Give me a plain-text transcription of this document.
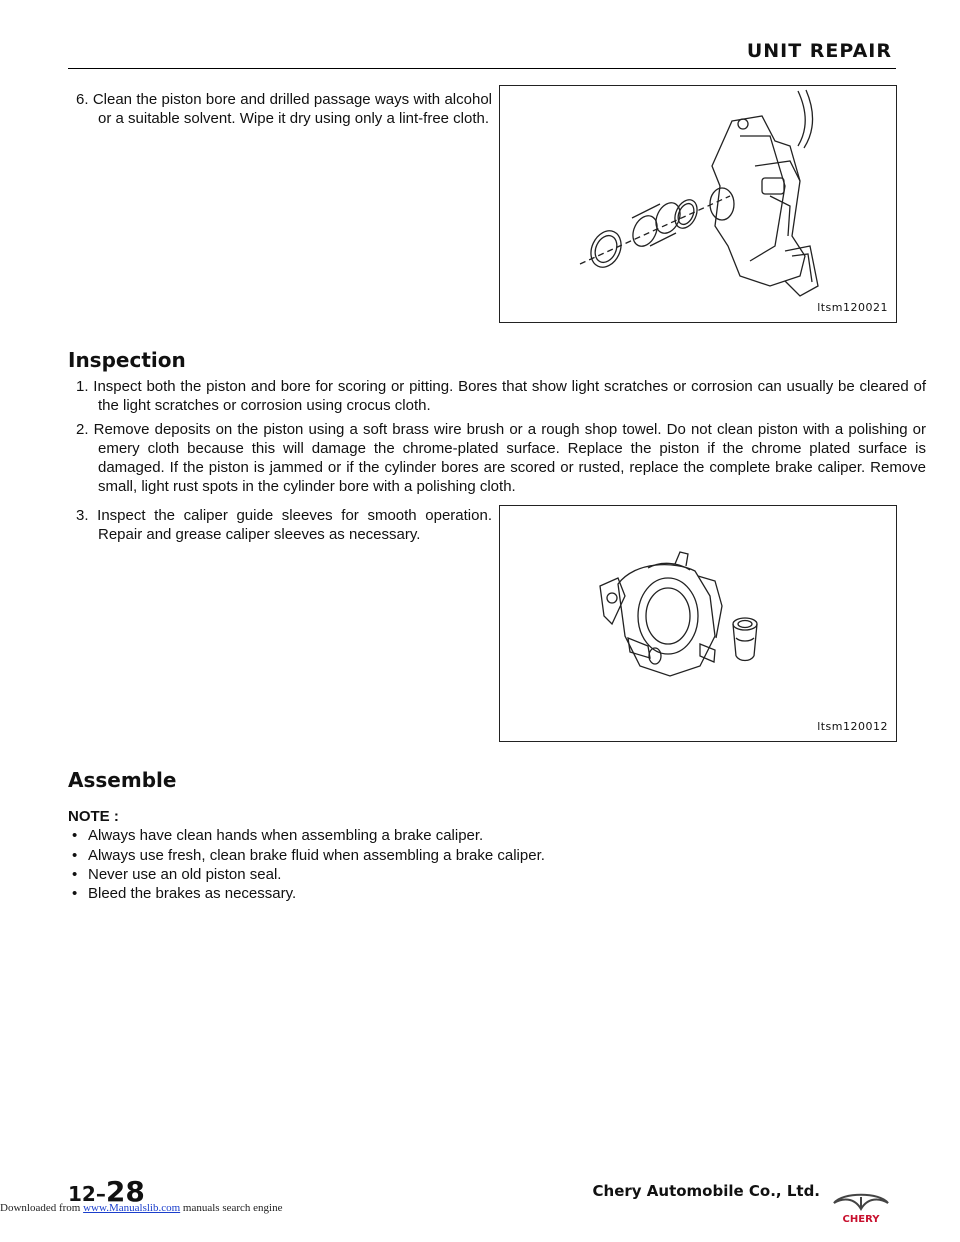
UNIT REPAIR
6. Clean the piston bore and drilled passage ways with alcohol or a suitable solvent. Wipe it dry using only a lint-free cloth.
ltsm120021
Inspection
1. Inspect both the piston and bore for scoring or pitting. Bores that show light scratches or corrosion can usually be cleared of the light scratches or corrosion using crocus cloth.
2. Remove deposits on the piston using a soft brass wire brush or a rough shop towel. Do not clean piston with a polishing or emery cloth because this will damage the chrome-plated surface. Replace the piston if the chrome plated surface is damaged. If the piston is jammed or if the cylinder bores are scored or rusted, replace the complete brake caliper. Remove small, light rust spots in the cylinder bore with a polishing cloth.
3. Inspect the caliper guide sleeves for smooth operation. Repair and grease caliper sleeves as necessary.
ltsm120012
Assemble
NOTE :
• Always have clean hands when assembling a brake caliper.
• Always use fresh, clean brake fluid when assembling a brake caliper.
• Never use an old piston seal.
• Bleed the brakes as necessary.
12–28	Chery Automobile Co., Ltd.
CHERY
Downloaded from www.Manualslib.com manuals search engine
